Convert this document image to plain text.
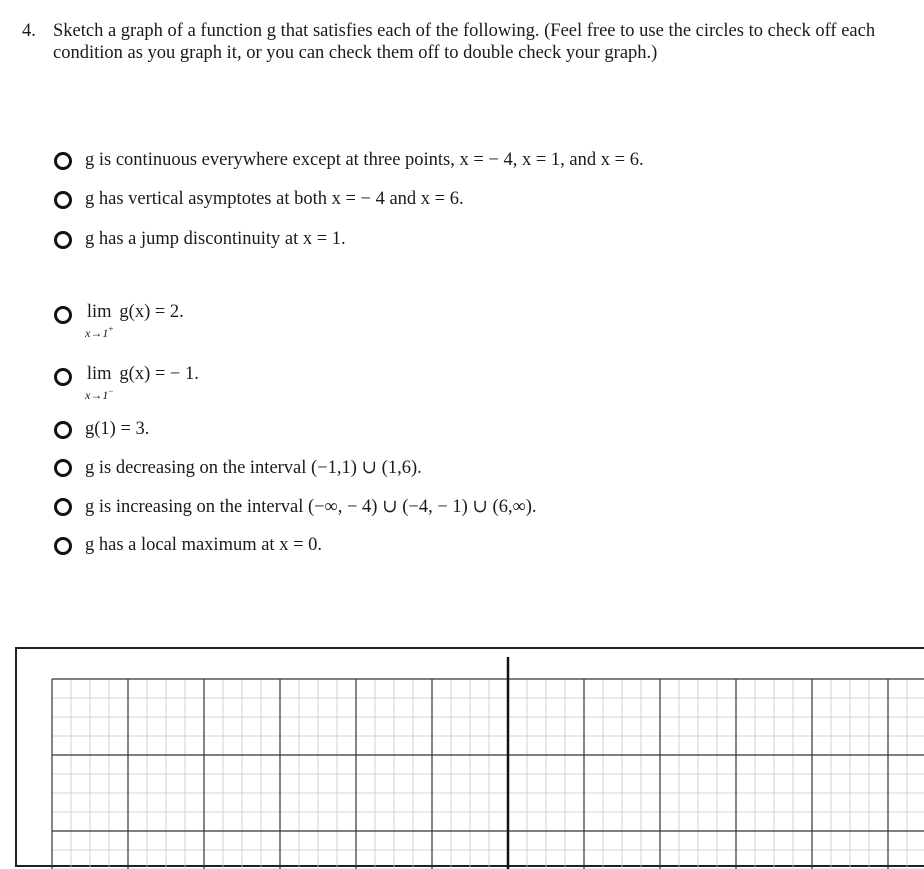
4. Sketch a graph of a function g that satisfies each of the following. (Feel free to use the circles to check off each condition as you graph it, or you can check them off to double check your graph.)
g is continuous everywhere except at three points, x = − 4, x = 1, and x = 6.
g has vertical asymptotes at both x = − 4 and x = 6.
g has a jump discontinuity at x = 1.
lim
x→1+
g(x) = 2.
lim
x→1−
g(x) = − 1.
g(1) = 3.
g is decreasing on the interval (−1,1) ∪ (1,6).
g is increasing on the interval (−∞, − 4) ∪ (−4, − 1) ∪ (6,∞).
g has a local maximum at x = 0.
